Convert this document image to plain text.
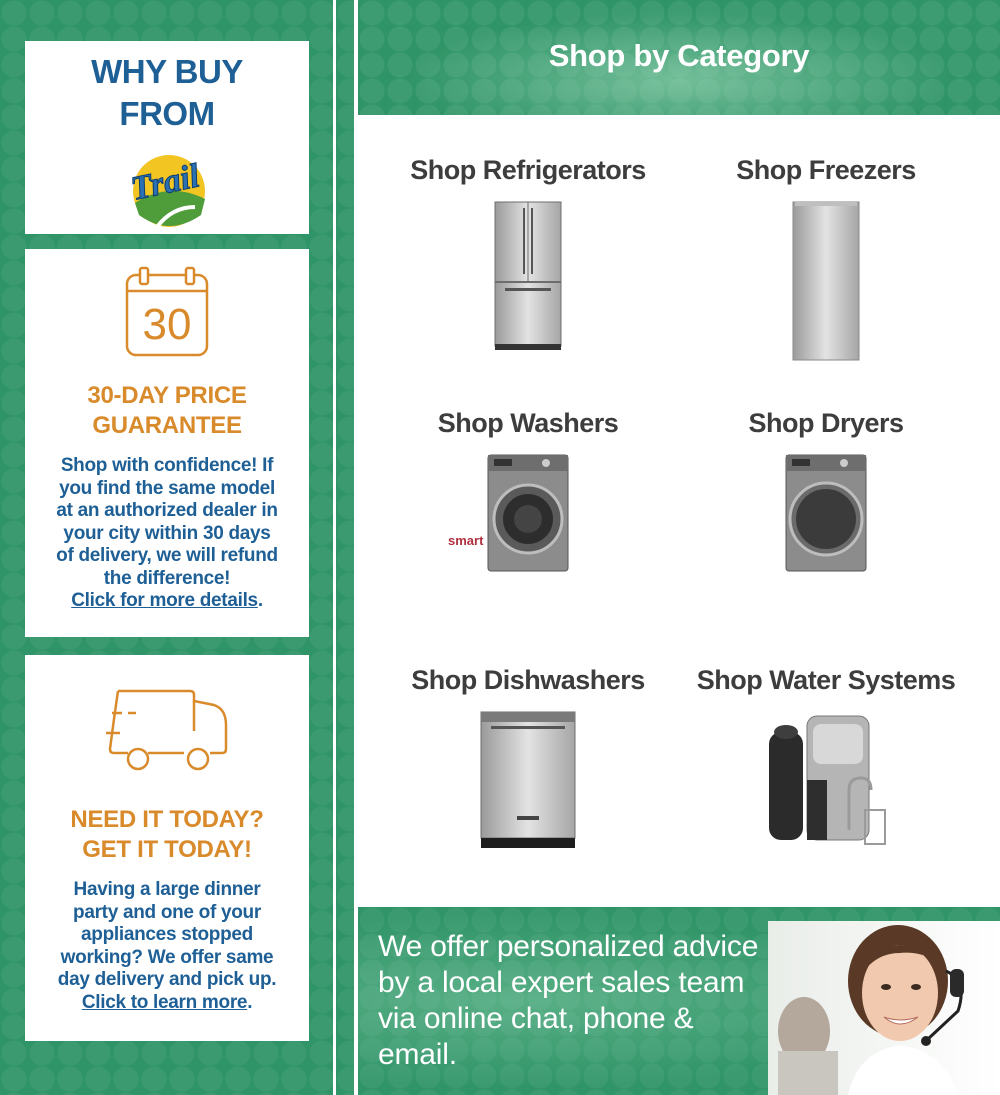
WHY BUY
FROM
Trail
30
30-DAY PRICE
GUARANTEE
Shop with confidence! If
you find the same model
at an authorized dealer in
your city within 30 days
of delivery, we will refund
the difference!
Click for more details.
NEED IT TODAY?
GET IT TODAY!
Having a large dinner
party and one of your
appliances stopped
working? We offer same
day delivery and pick up.
Click to learn more.
Shop by Category
Shop Refrigerators	Shop Freezers
Shop Washers	Shop Dryers
smart
Shop Dishwashers	Shop Water Systems
We offer personalized advice
by a local expert sales team
via online chat, phone &
email.
